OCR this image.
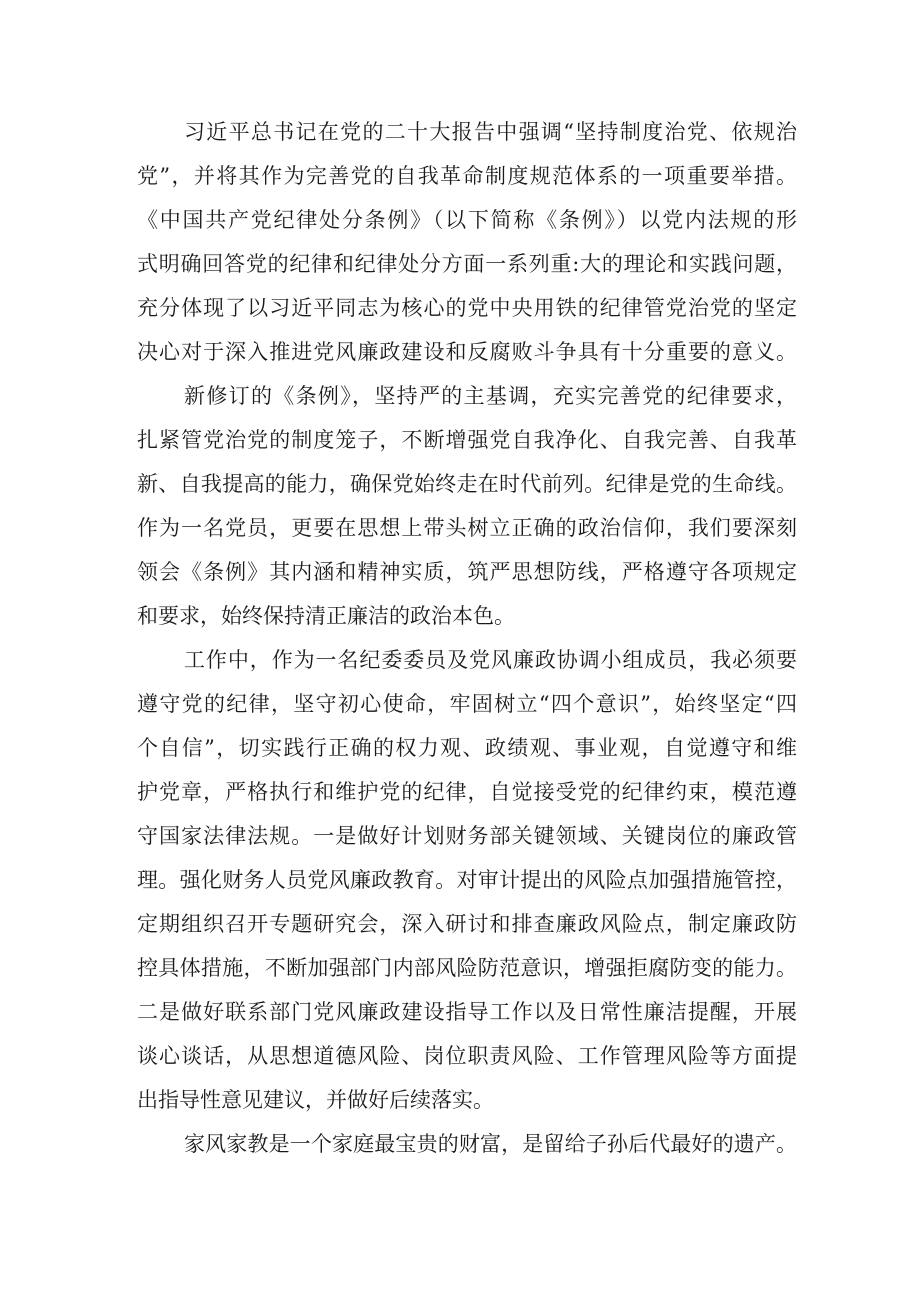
习近平总书记在党的二十大报告中强调“坚持制度治党、依规治
党”，并将其作为完善党的自我革命制度规范体系的一项重要举措。
《中国共产党纪律处分条例》（以下简称《条例》）以党内法规的形
式明确回答党的纪律和纪律处分方面一系列重:大的理论和实践问题，
充分体现了以习近平同志为核心的党中央用铁的纪律管党治党的坚定
决心对于深入推进党风廉政建设和反腐败斗争具有十分重要的意义。
新修订的《条例》，坚持严的主基调，充实完善党的纪律要求，
扎紧管党治党的制度笼子，不断增强党自我净化、自我完善、自我革
新、自我提高的能力，确保党始终走在时代前列。纪律是党的生命线。
作为一名党员，更要在思想上带头树立正确的政治信仰，我们要深刻
领会《条例》其内涵和精神实质，筑严思想防线，严格遵守各项规定
和要求，始终保持清正廉洁的政治本色。
工作中，作为一名纪委委员及党风廉政协调小组成员，我必须要
遵守党的纪律，坚守初心使命，牢固树立“四个意识”，始终坚定“四
个自信”，切实践行正确的权力观、政绩观、事业观，自觉遵守和维
护党章，严格执行和维护党的纪律，自觉接受党的纪律约束，模范遵
守国家法律法规。一是做好计划财务部关键领域、关键岗位的廉政管
理。强化财务人员党风廉政教育。对审计提出的风险点加强措施管控，
定期组织召开专题研究会，深入研讨和排查廉政风险点，制定廉政防
控具体措施，不断加强部门内部风险防范意识，增强拒腐防变的能力。
二是做好联系部门党风廉政建设指导工作以及日常性廉洁提醒，开展
谈心谈话，从思想道德风险、岗位职责风险、工作管理风险等方面提
出指导性意见建议，并做好后续落实。
家风家教是一个家庭最宝贵的财富，是留给子孙后代最好的遗产。
